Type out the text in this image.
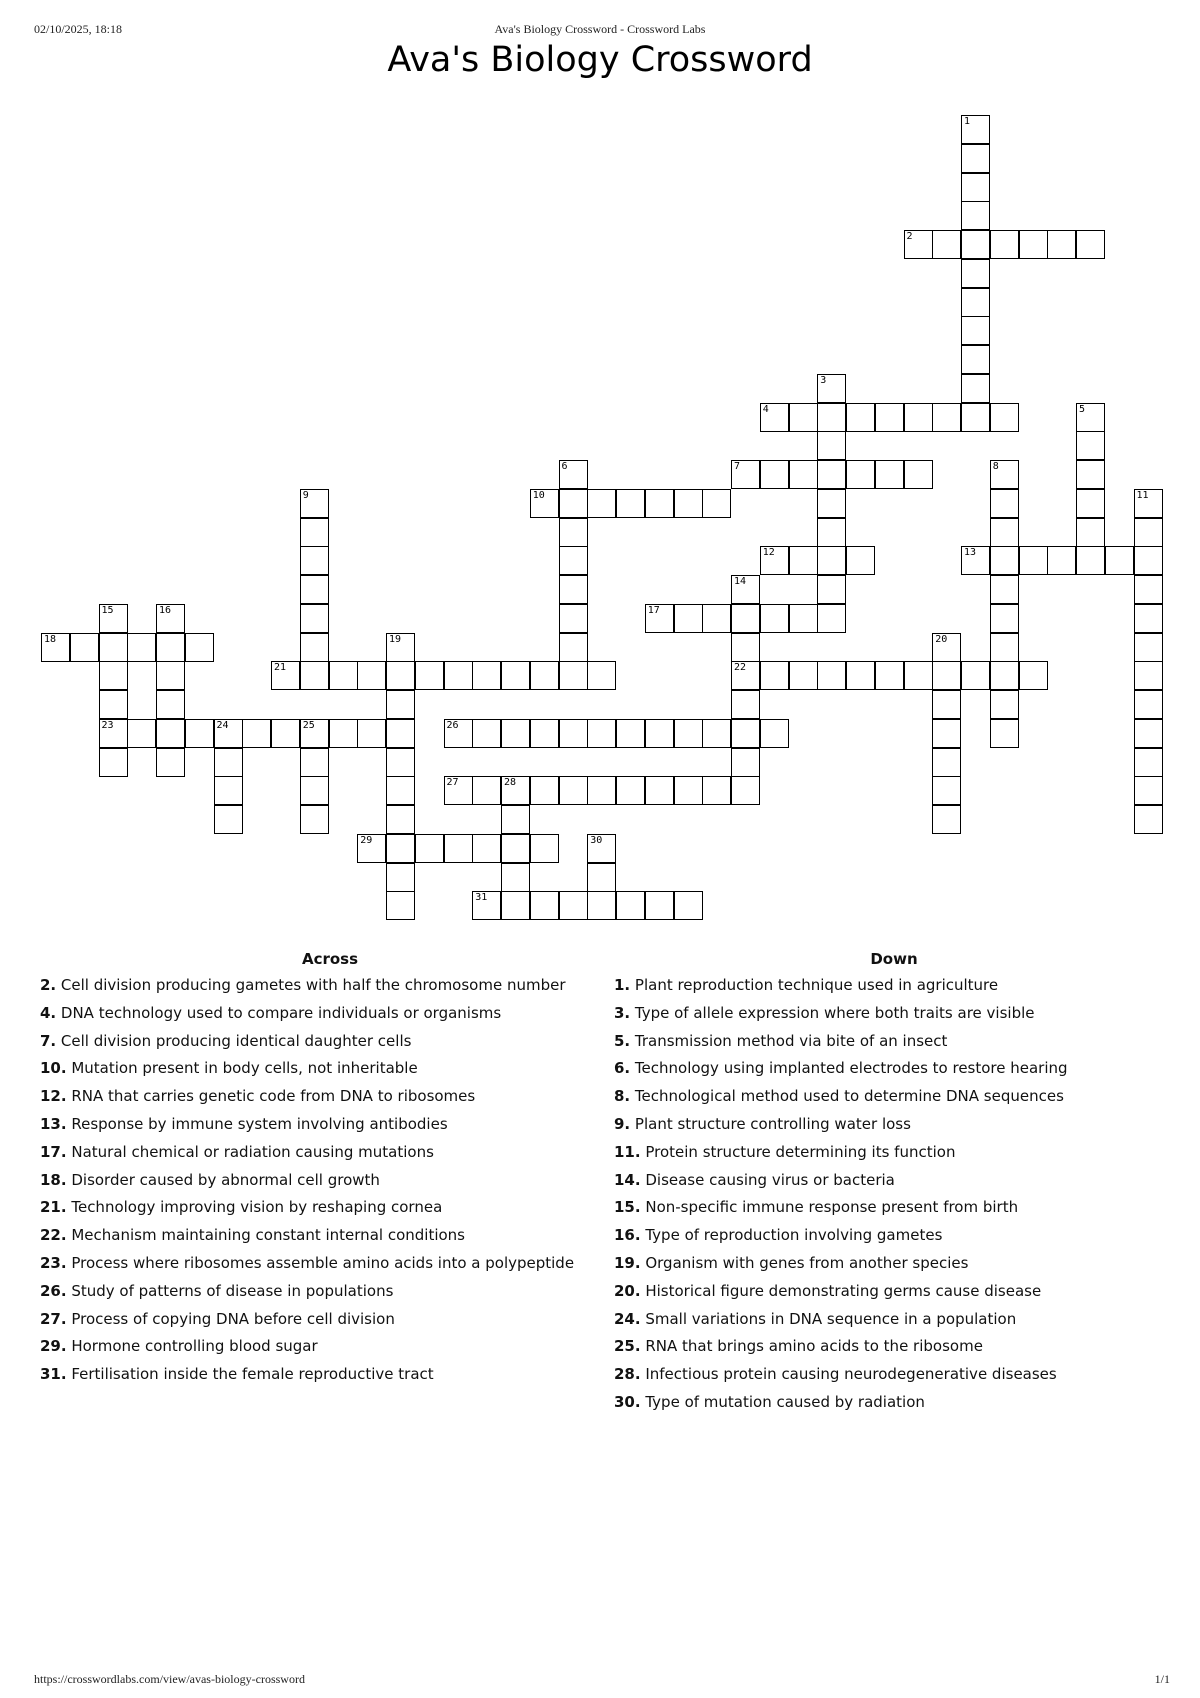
02/10/2025, 18:18	Ava's Biology Crossword - Crossword Labs
Ava's Biology Crossword
1
2
3
4	5
6	7	8
9	10	11
12	13
14
22
15
23
16	17
18	19	20
21
24	25	26
27	28
29	30
31
Across
2. Cell division producing gametes with half the chromosome number
4. DNA technology used to compare individuals or organisms
7. Cell division producing identical daughter cells
10. Mutation present in body cells, not inheritable
12. RNA that carries genetic code from DNA to ribosomes
13. Response by immune system involving antibodies
17. Natural chemical or radiation causing mutations
18. Disorder caused by abnormal cell growth
21. Technology improving vision by reshaping cornea
22. Mechanism maintaining constant internal conditions
23. Process where ribosomes assemble amino acids into a polypeptide
26. Study of patterns of disease in populations
27. Process of copying DNA before cell division
29. Hormone controlling blood sugar
31. Fertilisation inside the female reproductive tract
Down
1. Plant reproduction technique used in agriculture
3. Type of allele expression where both traits are visible
5. Transmission method via bite of an insect
6. Technology using implanted electrodes to restore hearing
8. Technological method used to determine DNA sequences
9. Plant structure controlling water loss
11. Protein structure determining its function
14. Disease causing virus or bacteria
15. Non-specific immune response present from birth
16. Type of reproduction involving gametes
19. Organism with genes from another species
20. Historical figure demonstrating germs cause disease
24. Small variations in DNA sequence in a population
25. RNA that brings amino acids to the ribosome
28. Infectious protein causing neurodegenerative diseases
30. Type of mutation caused by radiation
https://crosswordlabs.com/view/avas-biology-crossword	1/1
